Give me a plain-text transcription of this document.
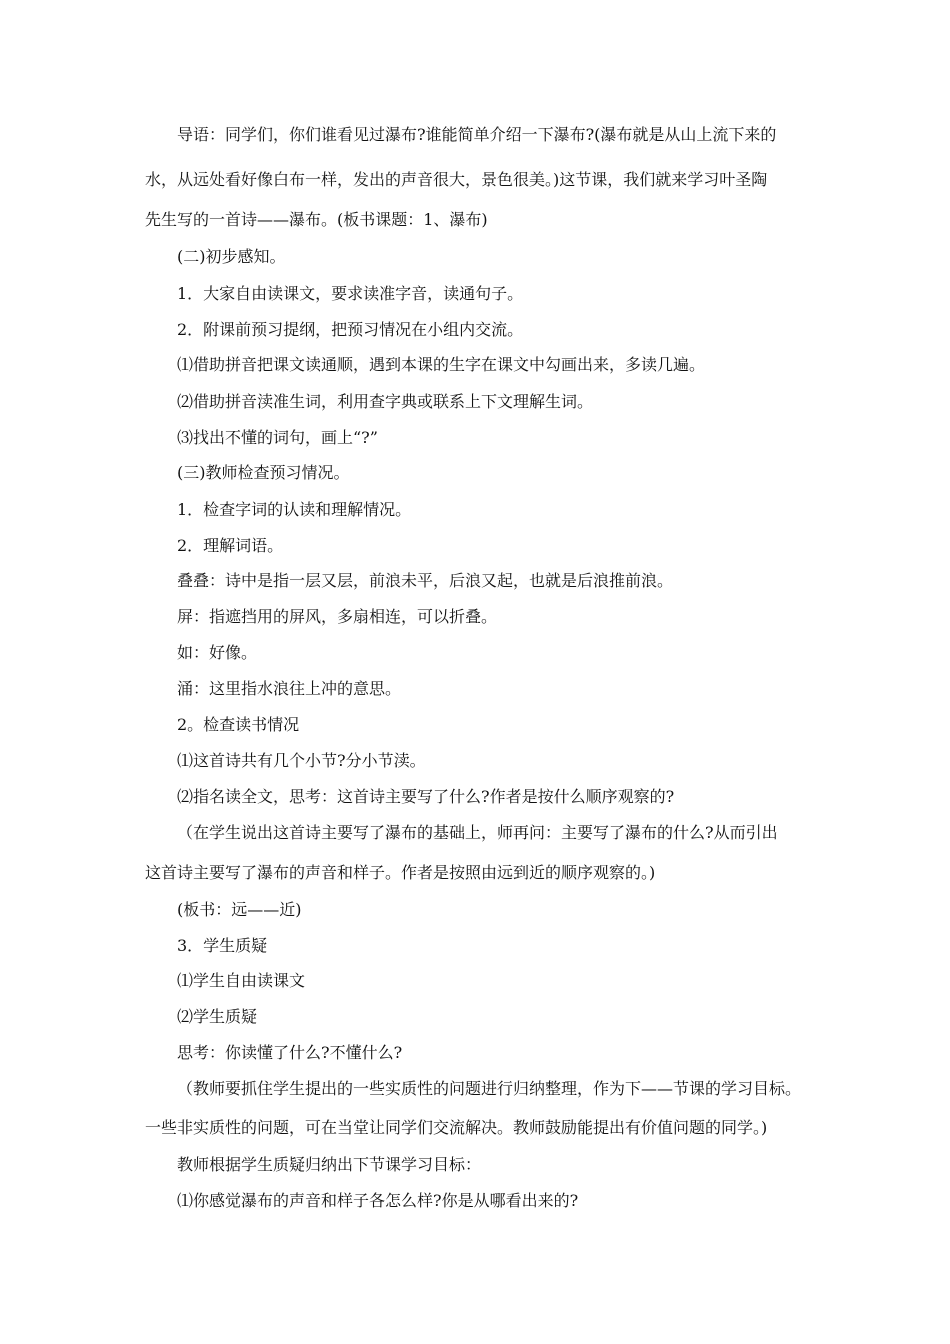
导语：同学们，你们谁看见过瀑布?谁能简单介绍一下瀑布?(瀑布就是从山上流下来的
水，从远处看好像白布一样，发出的声音很大，景色很美。)这节课，我们就来学习叶圣陶
先生写的一首诗——瀑布。(板书课题：1、瀑布)
(二)初步感知。
1．大家自由读课文，要求读准字音，读通句子。
2．附课前预习提纲，把预习情况在小组内交流。
⑴借助拼音把课文读通顺，遇到本课的生字在课文中勾画出来，多读几遍。
⑵借助拼音渎准生词，利用查字典或联系上下文理解生词。
⑶找出不懂的词句，画上“?”
(三)教师检查预习情况。
1．检查字词的认读和理解情况。
2．理解词语。
叠叠：诗中是指一层又层，前浪未平，后浪又起，也就是后浪推前浪。
屏：指遮挡用的屏风，多扇相连，可以折叠。
如：好像。
涌：这里指水浪往上冲的意思。
2。检查读书情况
⑴这首诗共有几个小节?分小节渎。
⑵指名读全文，思考：这首诗主要写了什么?作者是按什么顺序观察的?
（在学生说出这首诗主要写了瀑布的基础上，师再问：主要写了瀑布的什么?从而引出
这首诗主要写了瀑布的声音和样子。作者是按照由远到近的顺序观察的。)
(板书：远——近)
3．学生质疑
⑴学生自由读课文
⑵学生质疑
思考：你读懂了什么?不懂什么?
（教师要抓住学生提出的一些实质性的问题进行归纳整理，作为下——节课的学习目标。
一些非实质性的问题，可在当堂让同学们交流解决。教师鼓励能提出有价值问题的同学。)
教师根据学生质疑归纳出下节课学习目标：
⑴你感觉瀑布的声音和样子各怎么样?你是从哪看出来的?
